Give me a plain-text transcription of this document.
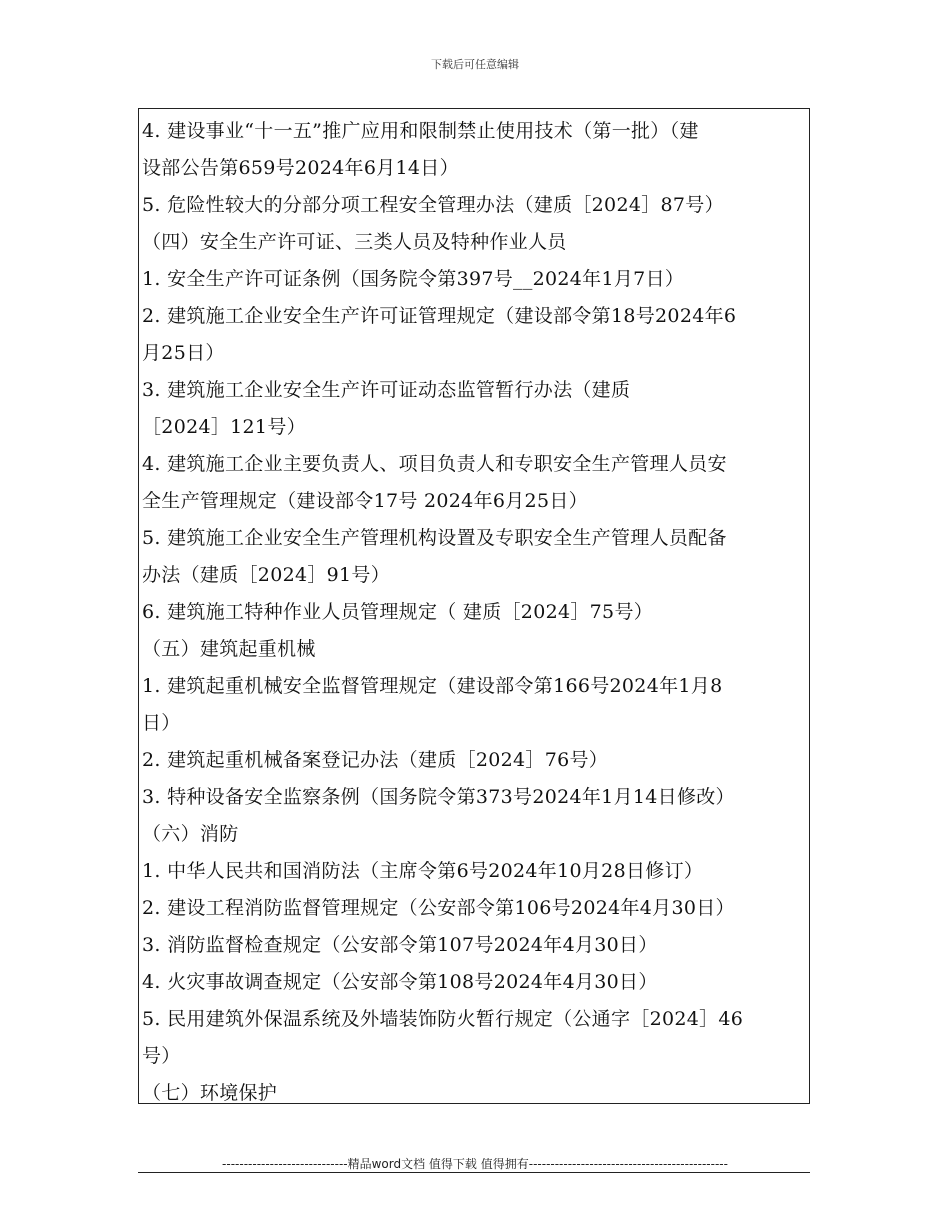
下载后可任意编辑
4. 建设事业“十一五”推广应用和限制禁止使用技术（第一批）（建
设部公告第659号2024年6月14日）
5. 危险性较大的分部分项工程安全管理办法（建质［2024］87号）
（四）安全生产许可证、三类人员及特种作业人员
1. 安全生产许可证条例（国务院令第397号__2024年1月7日）
2. 建筑施工企业安全生产许可证管理规定（建设部令第18号2024年6
月25日）
3. 建筑施工企业安全生产许可证动态监管暂行办法（建质
［2024］121号）
4. 建筑施工企业主要负责人、项目负责人和专职安全生产管理人员安
全生产管理规定（建设部令17号 2024年6月25日）
5. 建筑施工企业安全生产管理机构设置及专职安全生产管理人员配备
办法（建质［2024］91号）
6. 建筑施工特种作业人员管理规定（ 建质［2024］75号）
（五）建筑起重机械
1. 建筑起重机械安全监督管理规定（建设部令第166号2024年1月8
日）
2. 建筑起重机械备案登记办法（建质［2024］76号）
3. 特种设备安全监察条例（国务院令第373号2024年1月14日修改）
（六）消防
1. 中华人民共和国消防法（主席令第6号2024年10月28日修订）
2. 建设工程消防监督管理规定（公安部令第106号2024年4月30日）
3. 消防监督检查规定（公安部令第107号2024年4月30日）
4. 火灾事故调查规定（公安部令第108号2024年4月30日）
5. 民用建筑外保温系统及外墙装饰防火暂行规定（公通字［2024］46
号）
（七）环境保护
-----------------------------精品word文档 值得下载 值得拥有----------------------------------------------
